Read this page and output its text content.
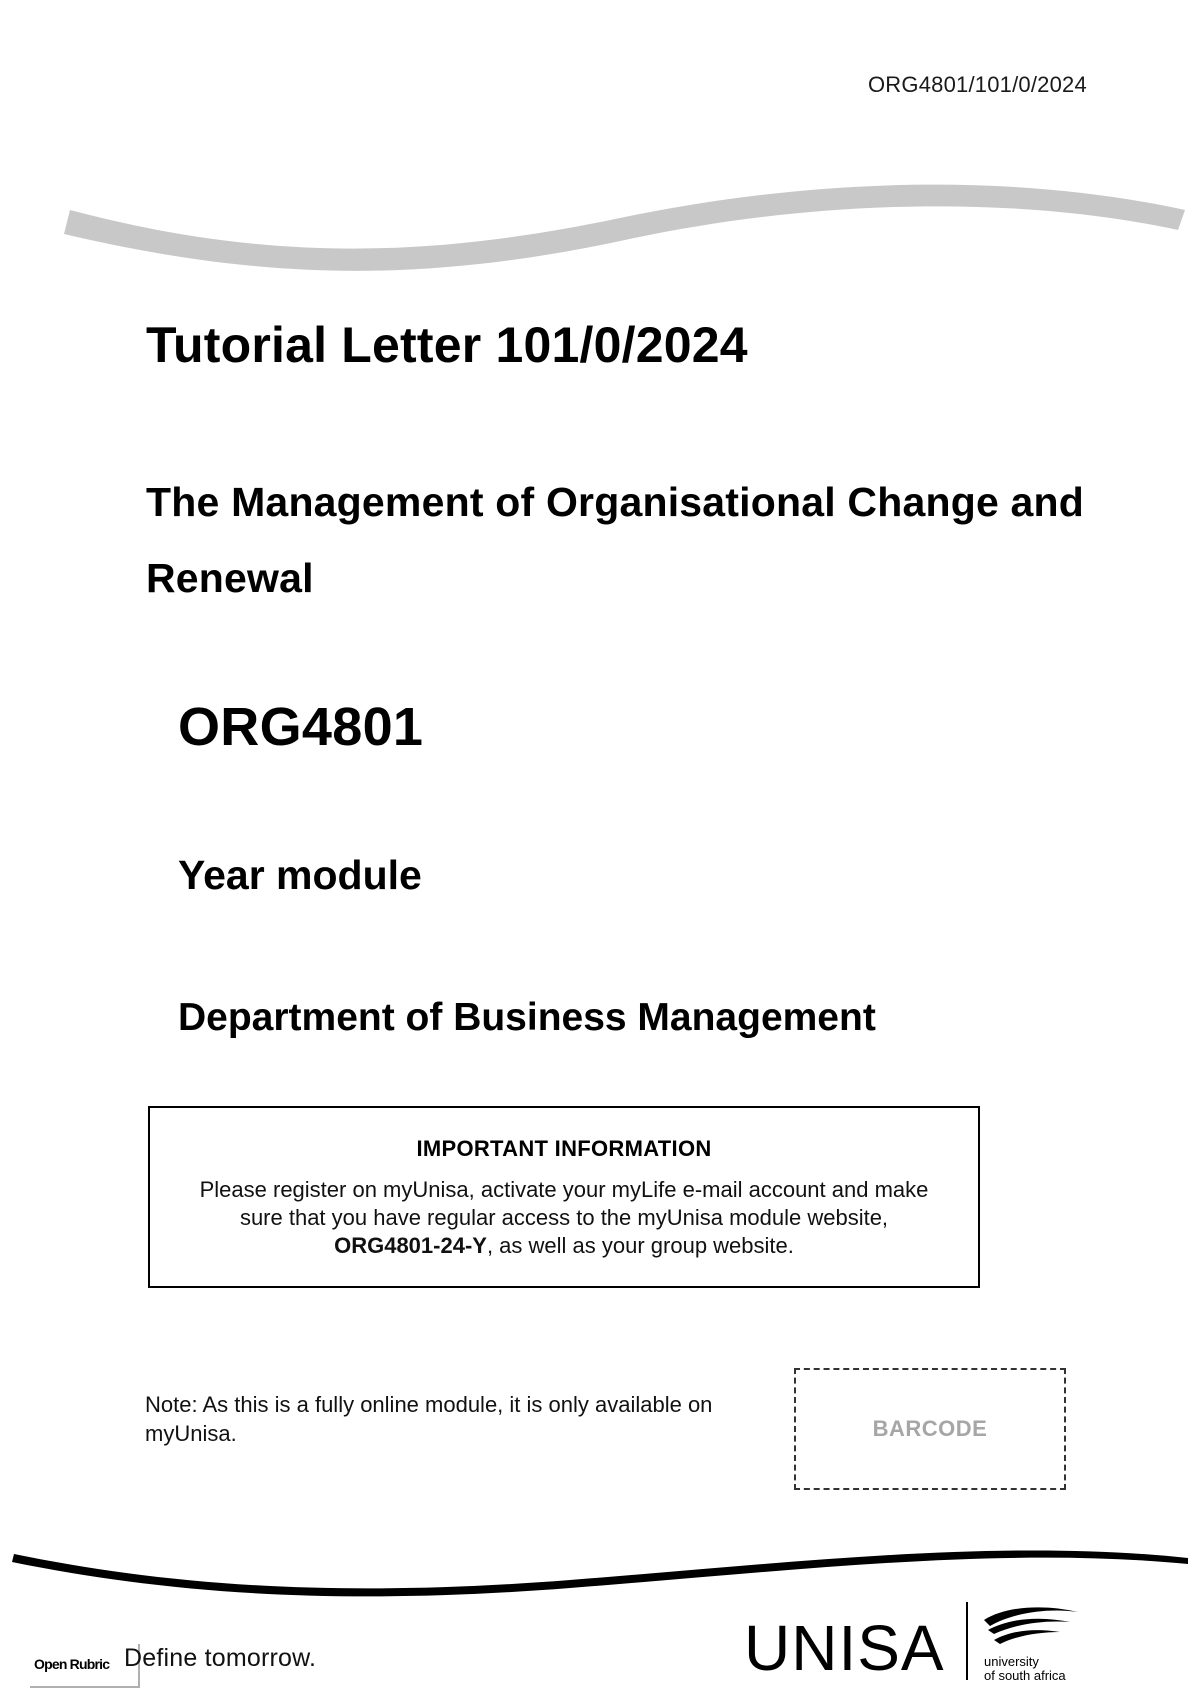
ORG4801/101/0/2024
Tutorial Letter 101/0/2024
The Management of Organisational Change and Renewal
ORG4801
Year module
Department of Business Management
IMPORTANT INFORMATION
Please register on myUnisa, activate your myLife e-mail account and make sure that you have regular access to the myUnisa module website, ORG4801-24-Y, as well as your group website.
Note: As this is a fully online module, it is only available on myUnisa.	BARCODE
Open Rubric Define tomorrow.	UNISA	university
of south africa
